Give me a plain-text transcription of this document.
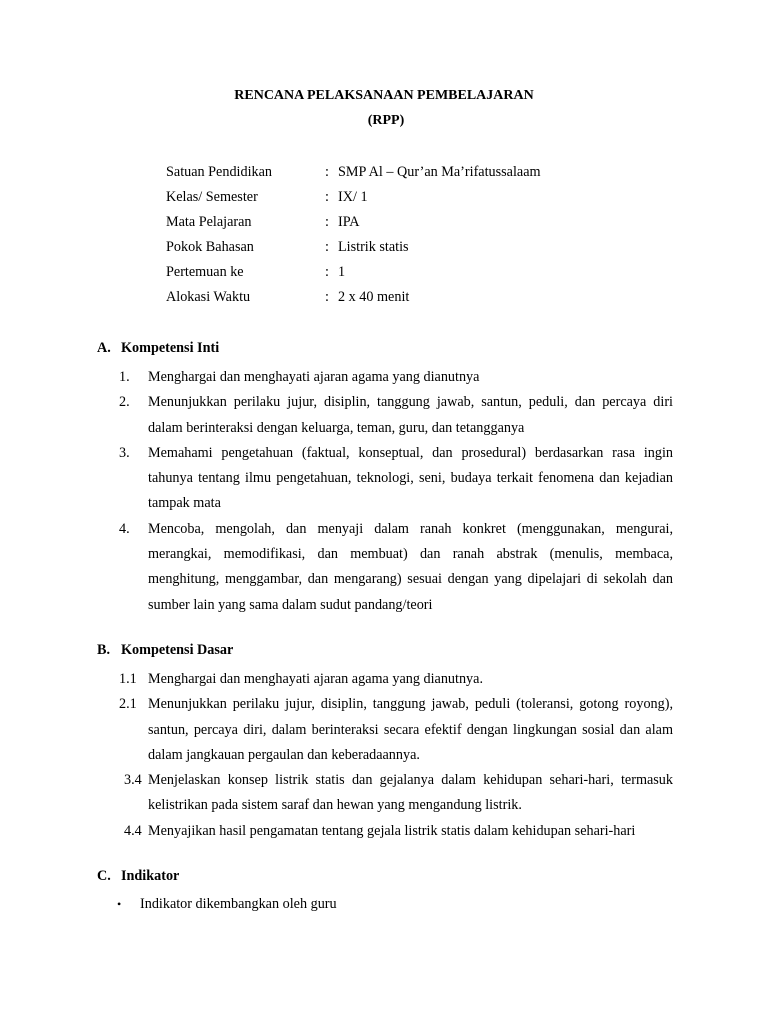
RENCANA PELAKSANAAN PEMBELAJARAN
(RPP)
Satuan Pendidikan	: SMP Al – Qur’an Ma’rifatussalaam
Kelas/ Semester	: IX/ 1
Mata Pelajaran	: IPA
Pokok Bahasan	: Listrik statis
Pertemuan ke	: 1
Alokasi Waktu	: 2 x 40 menit
A. Kompetensi Inti
1. Menghargai dan menghayati ajaran agama yang dianutnya
2. Menunjukkan perilaku jujur, disiplin, tanggung jawab, santun, peduli, dan percaya diri dalam berinteraksi dengan keluarga, teman, guru, dan tetangganya
3. Memahami pengetahuan (faktual, konseptual, dan prosedural) berdasarkan rasa ingin tahunya tentang ilmu pengetahuan, teknologi, seni, budaya terkait fenomena dan kejadian tampak mata
4. Mencoba, mengolah, dan menyaji dalam ranah konkret (menggunakan, mengurai, merangkai, memodifikasi, dan membuat) dan ranah abstrak (menulis, membaca, menghitung, menggambar, dan mengarang) sesuai dengan yang dipelajari di sekolah dan sumber lain yang sama dalam sudut pandang/teori
B. Kompetensi Dasar
1.1 Menghargai dan menghayati ajaran agama yang dianutnya.
2.1 Menunjukkan perilaku jujur, disiplin, tanggung jawab, peduli (toleransi, gotong royong), santun, percaya diri, dalam berinteraksi secara efektif dengan lingkungan sosial dan alam dalam jangkauan pergaulan dan keberadaannya.
3.4 Menjelaskan konsep listrik statis dan gejalanya dalam kehidupan sehari-hari, termasuk kelistrikan pada sistem saraf dan hewan yang mengandung listrik.
4.4 Menyajikan hasil pengamatan tentang gejala listrik statis dalam kehidupan sehari-hari
C. Indikator
• Indikator dikembangkan oleh guru
